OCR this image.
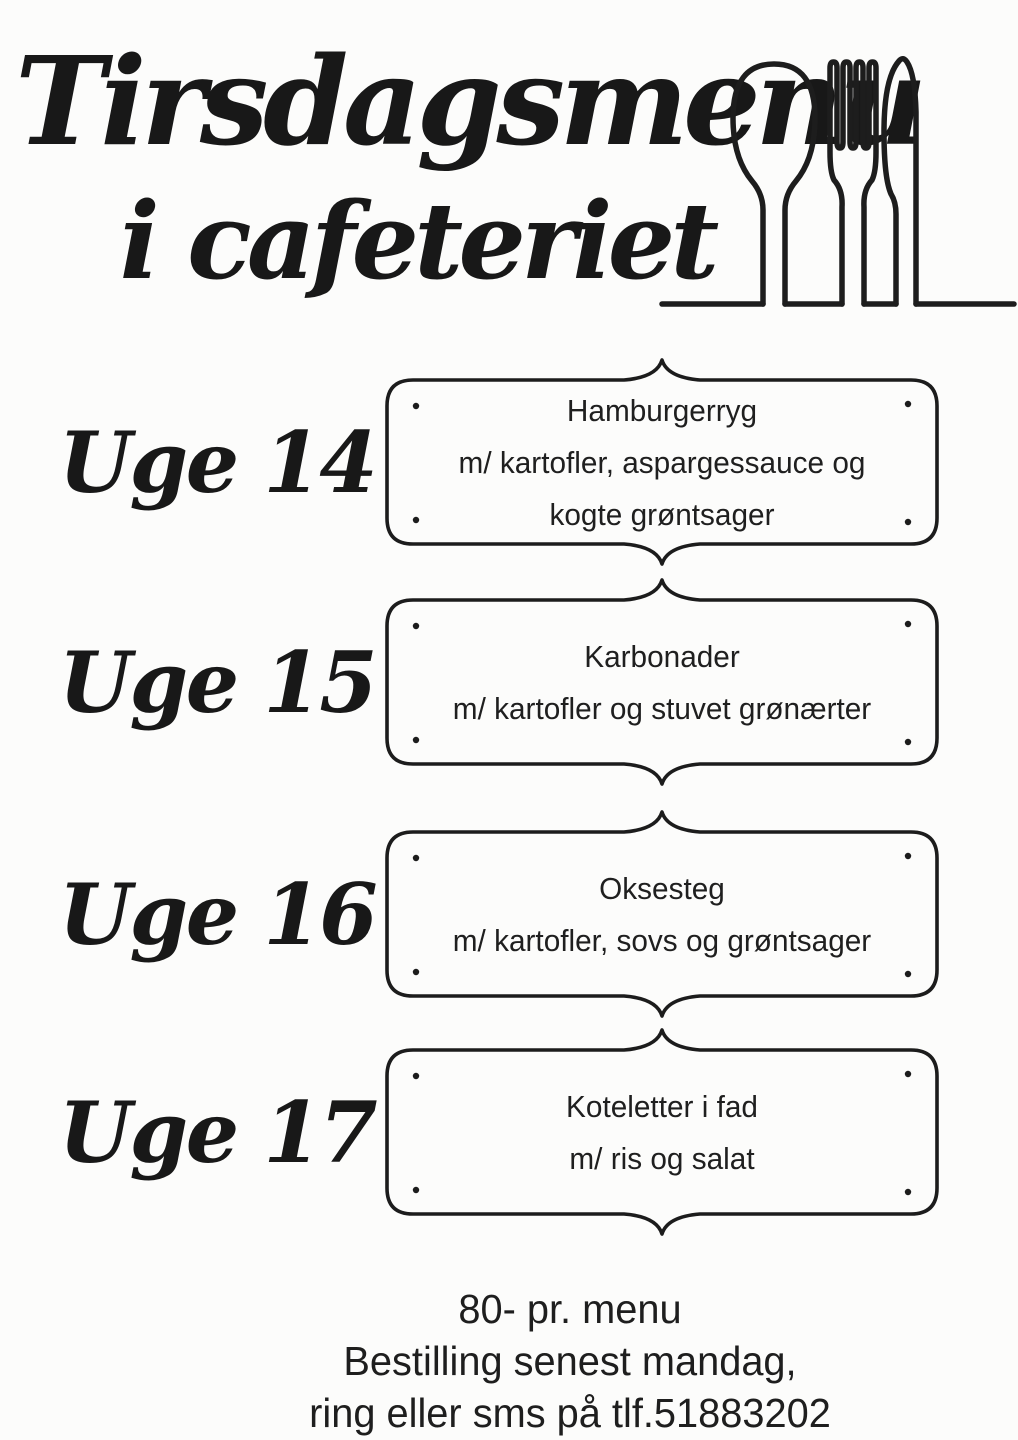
Tirsdagsmenu
i cafeteriet
Uge 14
Hamburgerryg
m/ kartofler, aspargessauce og
kogte grøntsager
Uge 15	Karbonader
m/ kartofler og stuvet grønærter
Uge 16	Oksesteg
m/ kartofler, sovs og grøntsager
Uge 17	Koteletter i fad
m/ ris og salat
80- pr. menu
Bestilling senest mandag,
ring eller sms på tlf.51883202
